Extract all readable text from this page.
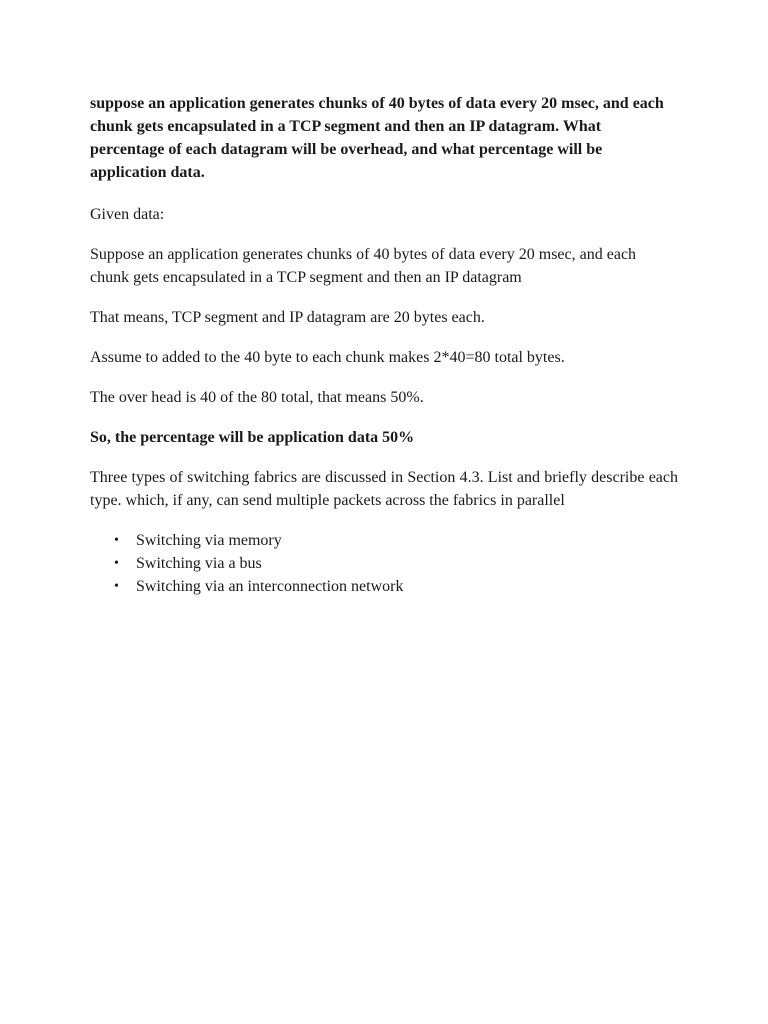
suppose an application generates chunks of 40 bytes of data every 20 msec, and each chunk gets encapsulated in a TCP segment and then an IP datagram. What percentage of each datagram will be overhead, and what percentage will be application data.

Given data:

Suppose an application generates chunks of 40 bytes of data every 20 msec, and each chunk gets encapsulated in a TCP segment and then an IP datagram

That means, TCP segment and IP datagram are 20 bytes each.

Assume to added to the 40 byte to each chunk makes 2*40=80 total bytes.

The over head is 40 of the 80 total, that means 50%.

So, the percentage will be application data 50%

Three types of switching fabrics are discussed in Section 4.3. List and briefly describe each type. which, if any, can send multiple packets across the fabrics in parallel

• Switching via memory
• Switching via a bus
• Switching via an interconnection network
